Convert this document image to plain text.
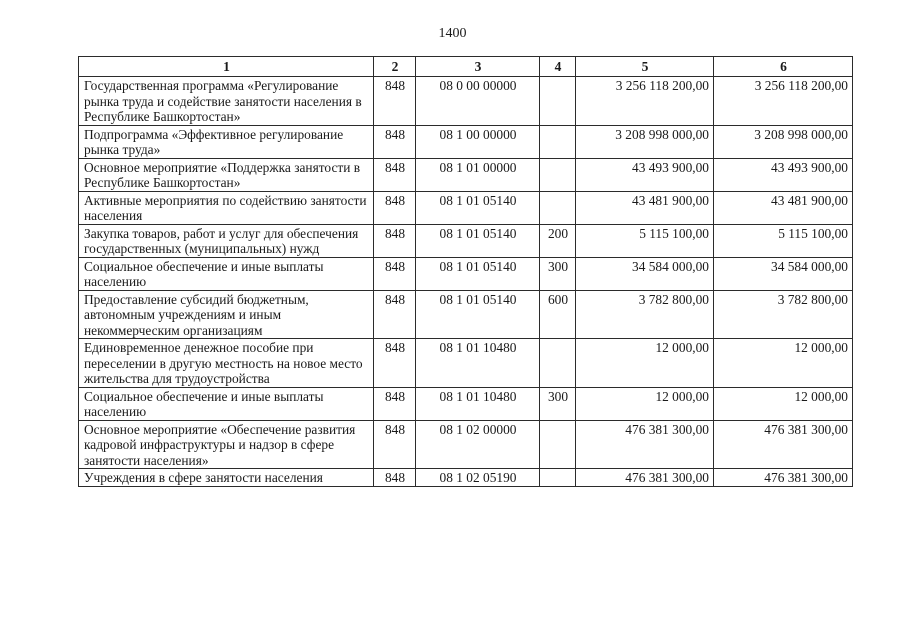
1400
1	2	3	4	5	6
Государственная программа «Регулирование рынка труда и содействие занятости населения в Республике Башкортостан»	848	08 0 00 00000		3 256 118 200,00	3 256 118 200,00
Подпрограмма «Эффективное регулирование рынка труда»	848	08 1 00 00000		3 208 998 000,00	3 208 998 000,00
Основное мероприятие «Поддержка занятости в Республике Башкортостан»	848	08 1 01 00000		43 493 900,00	43 493 900,00
Активные мероприятия по содействию занятости населения	848	08 1 01 05140		43 481 900,00	43 481 900,00
Закупка товаров, работ и услуг для обеспечения государственных (муниципальных) нужд	848	08 1 01 05140	200	5 115 100,00	5 115 100,00
Социальное обеспечение и иные выплаты населению	848	08 1 01 05140	300	34 584 000,00	34 584 000,00
Предоставление субсидий бюджетным, автономным учреждениям и иным некоммерческим организациям	848	08 1 01 05140	600	3 782 800,00	3 782 800,00
Единовременное денежное пособие при переселении в другую местность на новое место жительства для трудоустройства	848	08 1 01 10480		12 000,00	12 000,00
Социальное обеспечение и иные выплаты населению	848	08 1 01 10480	300	12 000,00	12 000,00
Основное мероприятие «Обеспечение развития кадровой инфраструктуры и надзор в сфере занятости населения»	848	08 1 02 00000		476 381 300,00	476 381 300,00
Учреждения в сфере занятости населения	848	08 1 02 05190		476 381 300,00	476 381 300,00
